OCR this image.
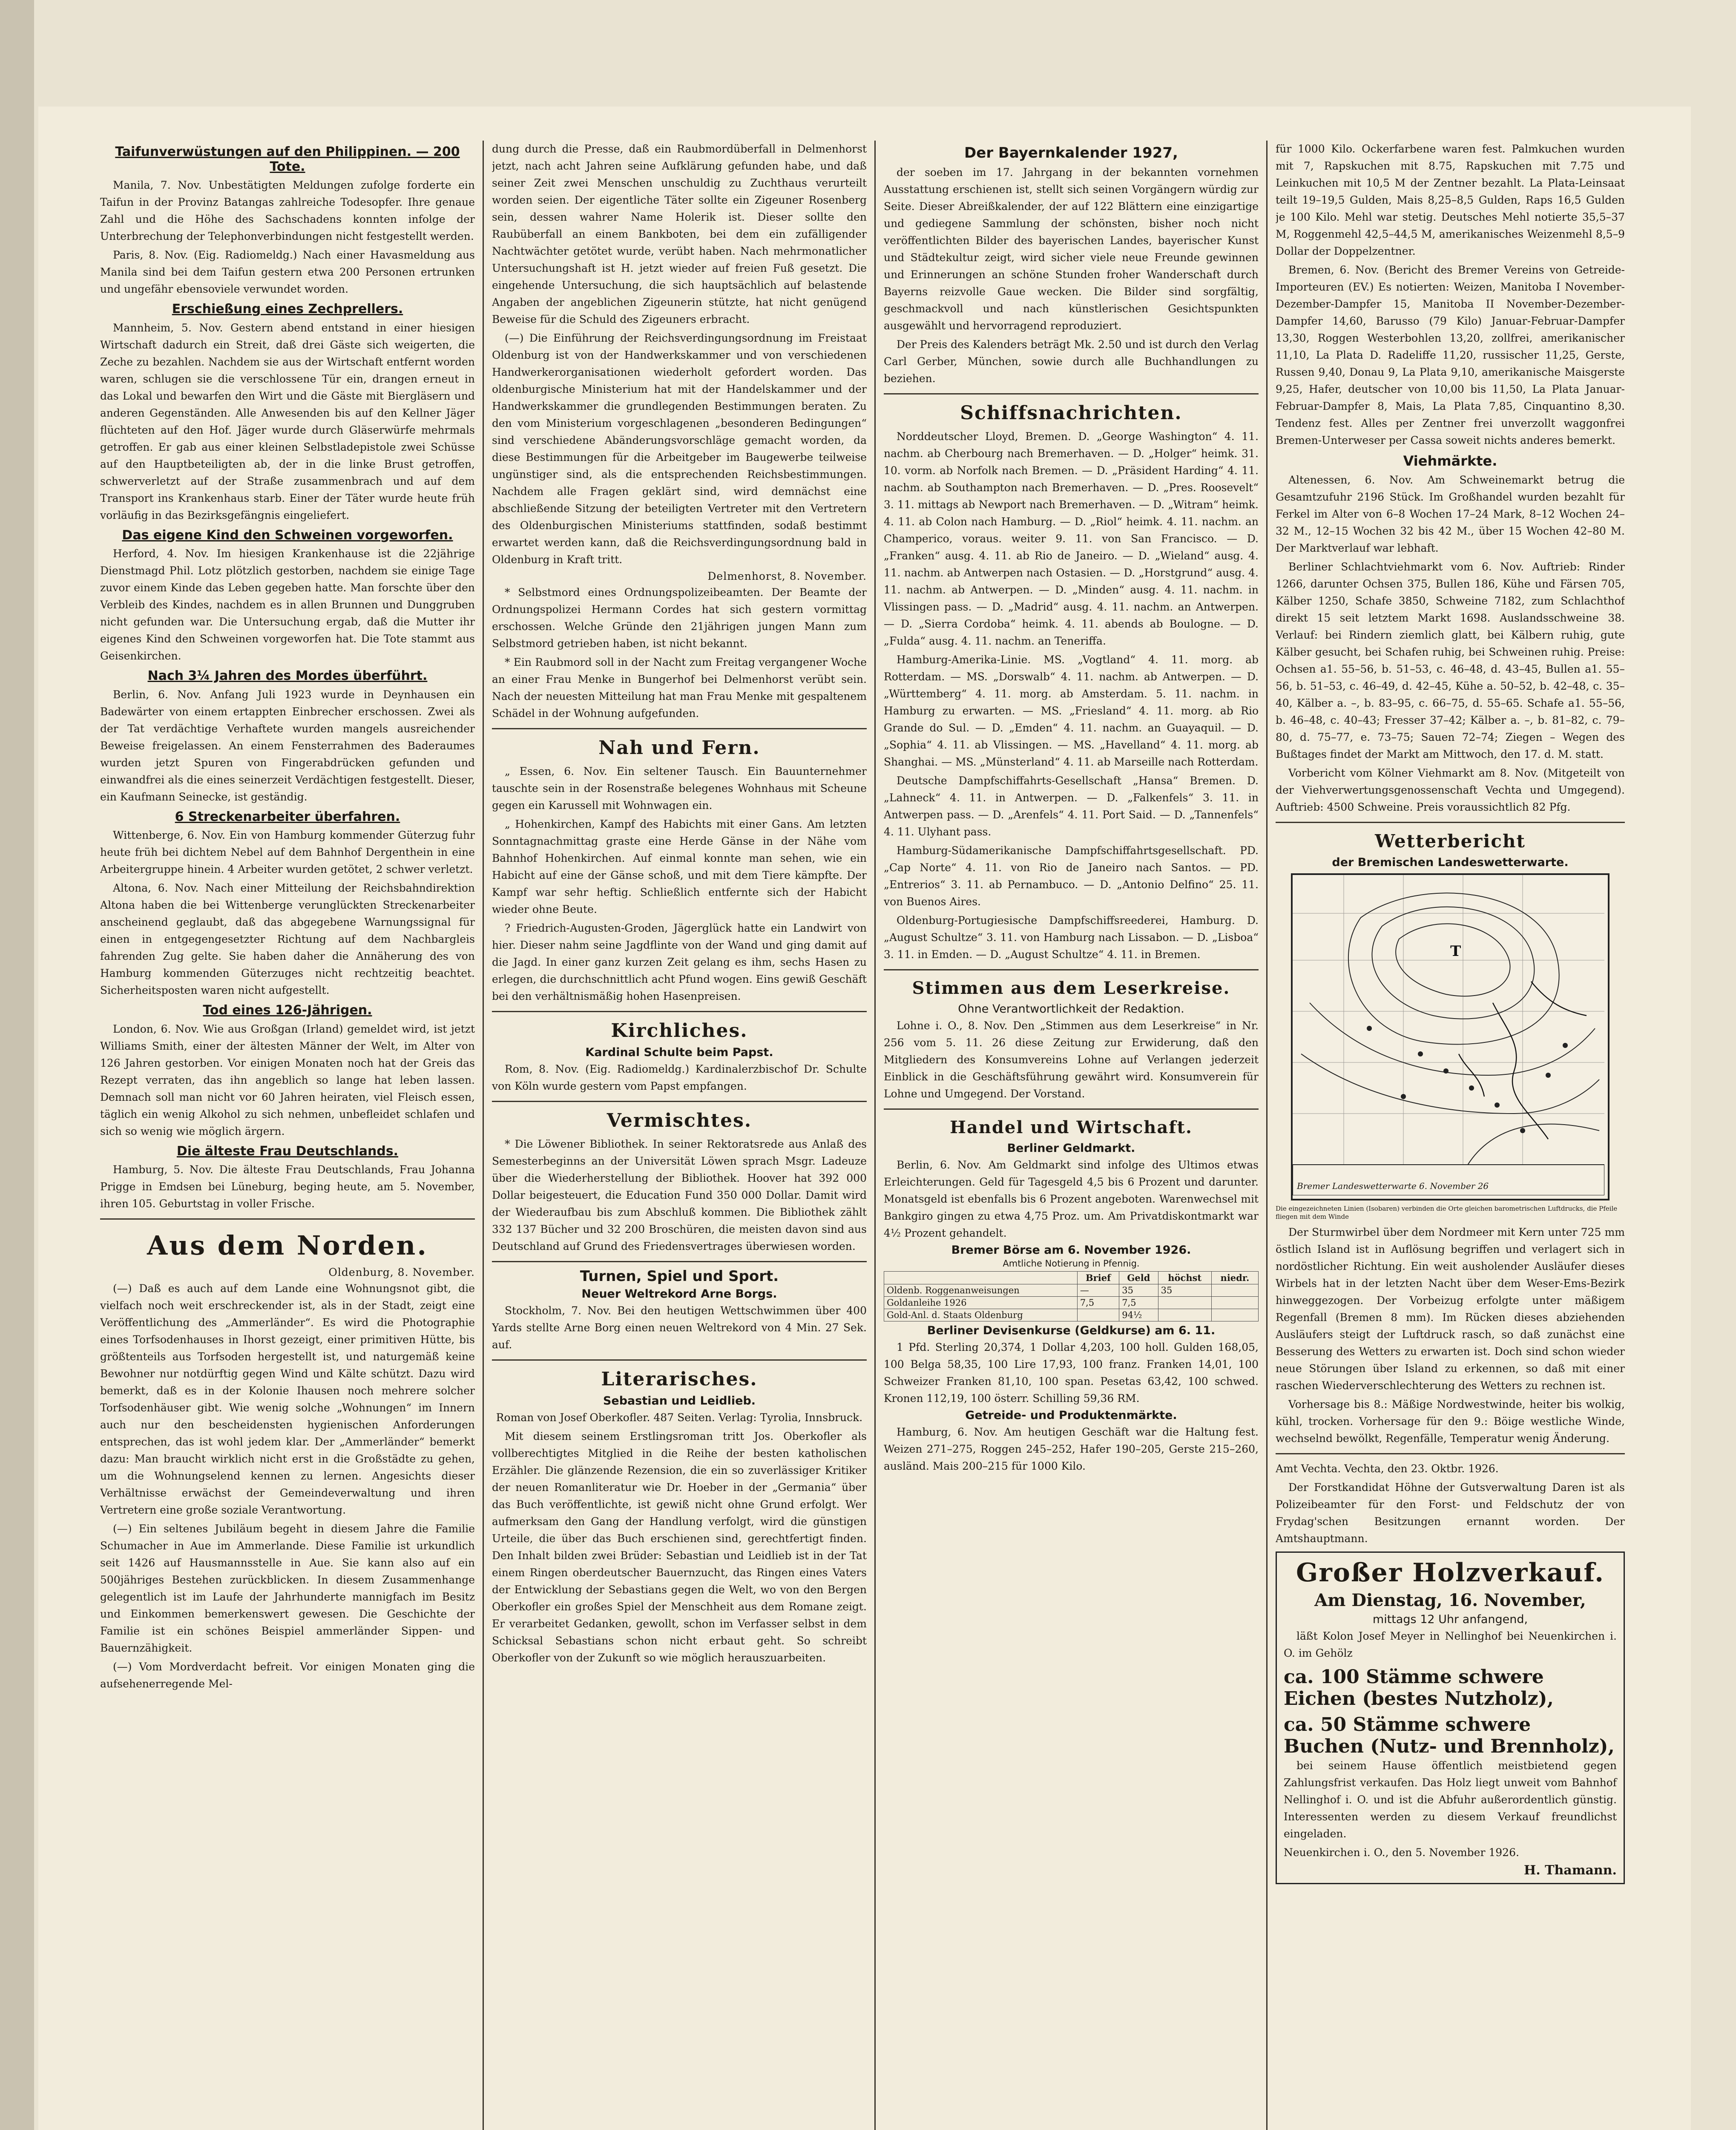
Taifunverwüstungen auf den Philippinen. — 200 Tote.

Manila, 7. Nov. Unbestätigten Meldungen zufolge forderte ein Taifun in der Provinz Batangas zahlreiche Todesopfer. Ihre genaue Zahl und die Höhe des Sachschadens konnten infolge der Unterbrechung der Telephonverbindungen nicht festgestellt werden.

Paris, 8. Nov. (Eig. Radiomeldg.) Nach einer Havasmeldung aus Manila sind bei dem Taifun gestern etwa 200 Personen ertrunken und ungefähr ebensoviele verwundet worden.

Erschießung eines Zechprellers.

Mannheim, 5. Nov. Gestern abend entstand in einer hiesigen Wirtschaft dadurch ein Streit, daß drei Gäste sich weigerten, die Zeche zu bezahlen. Nachdem sie aus der Wirtschaft entfernt worden waren, schlugen sie die verschlossene Tür ein, drangen erneut in das Lokal und bewarfen den Wirt und die Gäste mit Biergläsern und anderen Gegenständen. Alle Anwesenden bis auf den Kellner Jäger flüchteten auf den Hof. Jäger wurde durch Gläserwürfe mehrmals getroffen. Er gab aus einer kleinen Selbstladepistole zwei Schüsse auf den Hauptbeteiligten ab, der in die linke Brust getroffen, schwerverletzt auf der Straße zusammenbrach und auf dem Transport ins Krankenhaus starb. Einer der Täter wurde heute früh vorläufig in das Bezirksgefängnis eingeliefert.

Das eigene Kind den Schweinen vorgeworfen.

Herford, 4. Nov. Im hiesigen Krankenhause ist die 22jährige Dienstmagd Phil. Lotz plötzlich gestorben, nachdem sie einige Tage zuvor einem Kinde das Leben gegeben hatte. Man forschte über den Verbleib des Kindes, nachdem es in allen Brunnen und Dunggruben nicht gefunden war. Die Untersuchung ergab, daß die Mutter ihr eigenes Kind den Schweinen vorgeworfen hat. Die Tote stammt aus Geisenkirchen.

Nach 3¼ Jahren des Mordes überführt.

Berlin, 6. Nov. Anfang Juli 1923 wurde in Deynhausen ein Badewärter von einem ertappten Einbrecher erschossen. Zwei als der Tat verdächtige Verhaftete wurden mangels ausreichender Beweise freigelassen. An einem Fensterrahmen des Baderaumes wurden jetzt Spuren von Fingerabdrücken gefunden und einwandfrei als die eines seinerzeit Verdächtigen festgestellt. Dieser, ein Kaufmann Seinecke, ist geständig.

6 Streckenarbeiter überfahren.

Wittenberge, 6. Nov. Ein von Hamburg kommender Güterzug fuhr heute früh bei dichtem Nebel auf dem Bahnhof Dergenthein in eine Arbeitergruppe hinein. 4 Arbeiter wurden getötet, 2 schwer verletzt.

Altona, 6. Nov. Nach einer Mitteilung der Reichsbahndirektion Altona haben die bei Wittenberge verunglückten Streckenarbeiter anscheinend geglaubt, daß das abgegebene Warnungssignal für einen in entgegengesetzter Richtung auf dem Nachbargleis fahrenden Zug gelte. Sie haben daher die Annäherung des von Hamburg kommenden Güterzuges nicht rechtzeitig beachtet. Sicherheitsposten waren nicht aufgestellt.

Tod eines 126-Jährigen.

London, 6. Nov. Wie aus Großgan (Irland) gemeldet wird, ist jetzt Williams Smith, einer der ältesten Männer der Welt, im Alter von 126 Jahren gestorben. Vor einigen Monaten noch hat der Greis das Rezept verraten, das ihn angeblich so lange hat leben lassen. Demnach soll man nicht vor 60 Jahren heiraten, viel Fleisch essen, täglich ein wenig Alkohol zu sich nehmen, unbefleidet schlafen und sich so wenig wie möglich ärgern.

Die älteste Frau Deutschlands.

Hamburg, 5. Nov. Die älteste Frau Deutschlands, Frau Johanna Prigge in Emdsen bei Lüneburg, beging heute, am 5. November, ihren 105. Geburtstag in voller Frische.

Aus dem Norden.
Oldenburg, 8. November.

(—) Daß es auch auf dem Lande eine Wohnungsnot gibt, die vielfach noch weit erschreckender ist, als in der Stadt, zeigt eine Veröffentlichung des „Ammerländer“. Es wird die Photographie eines Torfsodenhauses in Ihorst gezeigt, einer primitiven Hütte, bis größtenteils aus Torfsoden hergestellt ist, und naturgemäß keine Bewohner nur notdürftig gegen Wind und Kälte schützt. Dazu wird bemerkt, daß es in der Kolonie Ihausen noch mehrere solcher Torfsodenhäuser gibt. Wie wenig solche „Wohnungen“ im Innern auch nur den bescheidensten hygienischen Anforderungen entsprechen, das ist wohl jedem klar. Der „Ammerländer“ bemerkt dazu: Man braucht wirklich nicht erst in die Großstädte zu gehen, um die Wohnungselend kennen zu lernen. Angesichts dieser Verhältnisse erwächst der Gemeindeverwaltung und ihren Vertretern eine große soziale Verantwortung.

(—) Ein seltenes Jubiläum begeht in diesem Jahre die Familie Schumacher in Aue im Ammerlande. Diese Familie ist urkundlich seit 1426 auf Hausmannsstelle in Aue. Sie kann also auf ein 500jähriges Bestehen zurückblicken. In diesem Zusammenhange gelegentlich ist im Laufe der Jahrhunderte mannigfach im Besitz und Einkommen bemerkenswert gewesen. Die Geschichte der Familie ist ein schönes Beispiel ammerländer Sippen- und Bauernzähigkeit.

(—) Vom Mordverdacht befreit. Vor einigen Monaten ging die aufsehenerregende Mel-

dung durch die Presse, daß ein Raubmordüberfall in Delmenhorst jetzt, nach acht Jahren seine Aufklärung gefunden habe, und daß seiner Zeit zwei Menschen unschuldig zu Zuchthaus verurteilt worden seien. Der eigentliche Täter sollte ein Zigeuner Rosenberg sein, dessen wahrer Name Holerik ist. Dieser sollte den Raubüberfall an einem Bankboten, bei dem ein zufälligender Nachtwächter getötet wurde, verübt haben. Nach mehrmonatlicher Untersuchungshaft ist H. jetzt wieder auf freien Fuß gesetzt. Die eingehende Untersuchung, die sich hauptsächlich auf belastende Angaben der angeblichen Zigeunerin stützte, hat nicht genügend Beweise für die Schuld des Zigeuners erbracht.

(—) Die Einführung der Reichsverdingungsordnung im Freistaat Oldenburg ist von der Handwerkskammer und von verschiedenen Handwerkerorganisationen wiederholt gefordert worden. Das oldenburgische Ministerium hat mit der Handelskammer und der Handwerkskammer die grundlegenden Bestimmungen beraten. Zu den vom Ministerium vorgeschlagenen „besonderen Bedingungen“ sind verschiedene Abänderungsvorschläge gemacht worden, da diese Bestimmungen für die Arbeitgeber im Baugewerbe teilweise ungünstiger sind, als die entsprechenden Reichsbestimmungen. Nachdem alle Fragen geklärt sind, wird demnächst eine abschließende Sitzung der beteiligten Vertreter mit den Vertretern des Oldenburgischen Ministeriums stattfinden, sodaß bestimmt erwartet werden kann, daß die Reichsverdingungsordnung bald in Oldenburg in Kraft tritt.

Delmenhorst, 8. November.

* Selbstmord eines Ordnungspolizeibeamten. Der Beamte der Ordnungspolizei Hermann Cordes hat sich gestern vormittag erschossen. Welche Gründe den 21jährigen jungen Mann zum Selbstmord getrieben haben, ist nicht bekannt.

* Ein Raubmord soll in der Nacht zum Freitag vergangener Woche an einer Frau Menke in Bungerhof bei Delmenhorst verübt sein. Nach der neuesten Mitteilung hat man Frau Menke mit gespaltenem Schädel in der Wohnung aufgefunden.

Nah und Fern.

„ Essen, 6. Nov. Ein seltener Tausch. Ein Bauunternehmer tauschte sein in der Rosenstraße belegenes Wohnhaus mit Scheune gegen ein Karussell mit Wohnwagen ein.

„ Hohenkirchen, Kampf des Habichts mit einer Gans. Am letzten Sonntagnachmittag graste eine Herde Gänse in der Nähe vom Bahnhof Hohenkirchen. Auf einmal konnte man sehen, wie ein Habicht auf eine der Gänse schoß, und mit dem Tiere kämpfte. Der Kampf war sehr heftig. Schließlich entfernte sich der Habicht wieder ohne Beute.

? Friedrich-Augusten-Groden, Jägerglück hatte ein Landwirt von hier. Dieser nahm seine Jagdflinte von der Wand und ging damit auf die Jagd. In einer ganz kurzen Zeit gelang es ihm, sechs Hasen zu erlegen, die durchschnittlich acht Pfund wogen. Eins gewiß Geschäft bei den verhältnismäßig hohen Hasenpreisen.

Kirchliches.
Kardinal Schulte beim Papst.

Rom, 8. Nov. (Eig. Radiomeldg.) Kardinalerzbischof Dr. Schulte von Köln wurde gestern vom Papst empfangen.

Vermischtes.

* Die Löwener Bibliothek. In seiner Rektoratsrede aus Anlaß des Semesterbeginns an der Universität Löwen sprach Msgr. Ladeuze über die Wiederherstellung der Bibliothek. Hoover hat 392 000 Dollar beigesteuert, die Education Fund 350 000 Dollar. Damit wird der Wiederaufbau bis zum Abschluß kommen. Die Bibliothek zählt 332 137 Bücher und 32 200 Broschüren, die meisten davon sind aus Deutschland auf Grund des Friedensvertrages überwiesen worden.

Turnen, Spiel und Sport.
Neuer Weltrekord Arne Borgs.

Stockholm, 7. Nov. Bei den heutigen Wettschwimmen über 400 Yards stellte Arne Borg einen neuen Weltrekord von 4 Min. 27 Sek. auf.

Literarisches.
Sebastian und Leidlieb.

Roman von Josef Oberkofler. 487 Seiten. Verlag: Tyrolia, Innsbruck.

Mit diesem seinem Erstlingsroman tritt Jos. Oberkofler als vollberechtigtes Mitglied in die Reihe der besten katholischen Erzähler. Die glänzende Rezension, die ein so zuverlässiger Kritiker der neuen Romanliteratur wie Dr. Hoeber in der „Germania“ über das Buch veröffentlichte, ist gewiß nicht ohne Grund erfolgt. Wer aufmerksam den Gang der Handlung verfolgt, wird die günstigen Urteile, die über das Buch erschienen sind, gerechtfertigt finden. Den Inhalt bilden zwei Brüder: Sebastian und Leidlieb ist in der Tat einem Ringen oberdeutscher Bauernzucht, das Ringen eines Vaters der Entwicklung der Sebastians gegen die Welt, wo von den Bergen Oberkofler ein großes Spiel der Menschheit aus dem Romane zeigt. Er verarbeitet Gedanken, gewollt, schon im Verfasser selbst in dem Schicksal Sebastians schon nicht erbaut geht. So schreibt Oberkofler von der Zukunft so wie möglich herauszuarbeiten.

Der Bayernkalender 1927,

der soeben im 17. Jahrgang in der bekannten vornehmen Ausstattung erschienen ist, stellt sich seinen Vorgängern würdig zur Seite. Dieser Abreißkalender, der auf 122 Blättern eine einzigartige und gediegene Sammlung der schönsten, bisher noch nicht veröffentlichten Bilder des bayerischen Landes, bayerischer Kunst und Städtekultur zeigt, wird sicher viele neue Freunde gewinnen und Erinnerungen an schöne Stunden froher Wanderschaft durch Bayerns reizvolle Gaue wecken. Die Bilder sind sorgfältig, geschmackvoll und nach künstlerischen Gesichtspunkten ausgewählt und hervorragend reproduziert.

Der Preis des Kalenders beträgt Mk. 2.50 und ist durch den Verlag Carl Gerber, München, sowie durch alle Buchhandlungen zu beziehen.

Schiffsnachrichten.

Norddeutscher Lloyd, Bremen. D. „George Washington“ 4. 11. nachm. ab Cherbourg nach Bremerhaven. — D. „Holger“ heimk. 31. 10. vorm. ab Norfolk nach Bremen. — D. „Präsident Harding“ 4. 11. nachm. ab Southampton nach Bremerhaven. — D. „Pres. Roosevelt“ 3. 11. mittags ab Newport nach Bremerhaven. — D. „Witram“ heimk. 4. 11. ab Colon nach Hamburg. — D. „Riol“ heimk. 4. 11. nachm. an Champerico, voraus. weiter 9. 11. von San Francisco. — D. „Franken“ ausg. 4. 11. ab Rio de Janeiro. — D. „Wieland“ ausg. 4. 11. nachm. ab Antwerpen nach Ostasien. — D. „Horstgrund“ ausg. 4. 11. nachm. ab Antwerpen. — D. „Minden“ ausg. 4. 11. nachm. in Vlissingen pass. — D. „Madrid“ ausg. 4. 11. nachm. an Antwerpen. — D. „Sierra Cordoba“ heimk. 4. 11. abends ab Boulogne. — D. „Fulda“ ausg. 4. 11. nachm. an Teneriffa.

Hamburg-Amerika-Linie. MS. „Vogtland“ 4. 11. morg. ab Rotterdam. — MS. „Dorswalb“ 4. 11. nachm. ab Antwerpen. — D. „Württemberg“ 4. 11. morg. ab Amsterdam. 5. 11. nachm. in Hamburg zu erwarten. — MS. „Friesland“ 4. 11. morg. ab Rio Grande do Sul. — D. „Emden“ 4. 11. nachm. an Guayaquil. — D. „Sophia“ 4. 11. ab Vlissingen. — MS. „Havelland“ 4. 11. morg. ab Shanghai. — MS. „Münsterland“ 4. 11. ab Marseille nach Rotterdam.

Deutsche Dampfschiffahrts-Gesellschaft „Hansa“ Bremen. D. „Lahneck“ 4. 11. in Antwerpen. — D. „Falkenfels“ 3. 11. in Antwerpen pass. — D. „Arenfels“ 4. 11. Port Said. — D. „Tannenfels“ 4. 11. Ulyhant pass.

Hamburg-Südamerikanische Dampfschiffahrtsgesellschaft. PD. „Cap Norte“ 4. 11. von Rio de Janeiro nach Santos. — PD. „Entrerios“ 3. 11. ab Pernambuco. — D. „Antonio Delfino“ 25. 11. von Buenos Aires.

Oldenburg-Portugiesische Dampfschiffsreederei, Hamburg. D. „August Schultze“ 3. 11. von Hamburg nach Lissabon. — D. „Lisboa“ 3. 11. in Emden. — D. „August Schultze“ 4. 11. in Bremen.

Stimmen aus dem Leserkreise.
Ohne Verantwortlichkeit der Redaktion.

Lohne i. O., 8. Nov. Den „Stimmen aus dem Leserkreise“ in Nr. 256 vom 5. 11. 26 diese Zeitung zur Erwiderung, daß den Mitgliedern des Konsumvereins Lohne auf Verlangen jederzeit Einblick in die Geschäftsführung gewährt wird. Konsumverein für Lohne und Umgegend. Der Vorstand.

Handel und Wirtschaft.
Berliner Geldmarkt.

Berlin, 6. Nov. Am Geldmarkt sind infolge des Ultimos etwas Erleichterungen. Geld für Tagesgeld 4,5 bis 6 Prozent und darunter. Monatsgeld ist ebenfalls bis 6 Prozent angeboten. Warenwechsel mit Bankgiro gingen zu etwa 4,75 Proz. um. Am Privatdiskontmarkt war 4½ Prozent gehandelt.

Bremer Börse am 6. November 1926.
Amtliche Notierung in Pfennig.
	Brief	Geld	höchst	niedr.
Oldenb. Roggenanweisungen	—	35	35	
Goldanleihe 1926	7,5	7,5		
Gold-Anl. d. Staats Oldenburg		94½		
Berliner Devisenkurse (Geldkurse) am 6. 11.

1 Pfd. Sterling 20,374, 1 Dollar 4,203, 100 holl. Gulden 168,05, 100 Belga 58,35, 100 Lire 17,93, 100 franz. Franken 14,01, 100 Schweizer Franken 81,10, 100 span. Pesetas 63,42, 100 schwed. Kronen 112,19, 100 österr. Schilling 59,36 RM.

Getreide- und Produktenmärkte.

Hamburg, 6. Nov. Am heutigen Geschäft war die Haltung fest. Weizen 271–275, Roggen 245–252, Hafer 190–205, Gerste 215–260, ausländ. Mais 200–215 für 1000 Kilo.

für 1000 Kilo. Ockerfarbene waren fest. Palmkuchen wurden mit 7, Rapskuchen mit 8.75, Rapskuchen mit 7.75 und Leinkuchen mit 10,5 M der Zentner bezahlt. La Plata-Leinsaat teilt 19–19,5 Gulden, Mais 8,25–8,5 Gulden, Raps 16,5 Gulden je 100 Kilo. Mehl war stetig. Deutsches Mehl notierte 35,5–37 M, Roggenmehl 42,5–44,5 M, amerikanisches Weizenmehl 8,5–9 Dollar der Doppelzentner.

Bremen, 6. Nov. (Bericht des Bremer Vereins von Getreide-Importeuren (EV.) Es notierten: Weizen, Manitoba I November-Dezember-Dampfer 15, Manitoba II November-Dezember-Dampfer 14,60, Barusso (79 Kilo) Januar-Februar-Dampfer 13,30, Roggen Westerbohlen 13,20, zollfrei, amerikanischer 11,10, La Plata D. Radeliffe 11,20, russischer 11,25, Gerste, Russen 9,40, Donau 9, La Plata 9,10, amerikanische Maisgerste 9,25, Hafer, deutscher von 10,00 bis 11,50, La Plata Januar-Februar-Dampfer 8, Mais, La Plata 7,85, Cinquantino 8,30. Tendenz fest. Alles per Zentner frei unverzollt waggonfrei Bremen-Unterweser per Cassa soweit nichts anderes bemerkt.

Viehmärkte.

Altenessen, 6. Nov. Am Schweinemarkt betrug die Gesamtzufuhr 2196 Stück. Im Großhandel wurden bezahlt für Ferkel im Alter von 6–8 Wochen 17–24 Mark, 8–12 Wochen 24–32 M., 12–15 Wochen 32 bis 42 M., über 15 Wochen 42–80 M. Der Marktverlauf war lebhaft.

Berliner Schlachtviehmarkt vom 6. Nov. Auftrieb: Rinder 1266, darunter Ochsen 375, Bullen 186, Kühe und Färsen 705, Kälber 1250, Schafe 3850, Schweine 7182, zum Schlachthof direkt 15 seit letztem Markt 1698. Auslandsschweine 38. Verlauf: bei Rindern ziemlich glatt, bei Kälbern ruhig, gute Kälber gesucht, bei Schafen ruhig, bei Schweinen ruhig. Preise: Ochsen a1. 55–56, b. 51–53, c. 46–48, d. 43–45, Bullen a1. 55–56, b. 51–53, c. 46–49, d. 42–45, Kühe a. 50–52, b. 42–48, c. 35–40, Kälber a. –, b. 83–95, c. 66–75, d. 55–65. Schafe a1. 55–56, b. 46–48, c. 40–43; Fresser 37–42; Kälber a. –, b. 81–82, c. 79–80, d. 75–77, e. 73–75; Sauen 72–74; Ziegen – Wegen des Bußtages findet der Markt am Mittwoch, den 17. d. M. statt.

Vorbericht vom Kölner Viehmarkt am 8. Nov. (Mitgeteilt von der Viehverwertungsgenossenschaft Vechta und Umgegend). Auftrieb: 4500 Schweine. Preis voraussichtlich 82 Pfg.

Wetterbericht
der Bremischen Landeswetterwarte.
T
Bremer Landeswetterwarte 6. November 26
Die eingezeichneten Linien (Isobaren) verbinden die Orte gleichen barometrischen Luftdrucks, die Pfeile fliegen mit dem Winde

Der Sturmwirbel über dem Nordmeer mit Kern unter 725 mm östlich Island ist in Auflösung begriffen und verlagert sich in nordöstlicher Richtung. Ein weit ausholender Ausläufer dieses Wirbels hat in der letzten Nacht über dem Weser-Ems-Bezirk hinweggezogen. Der Vorbeizug erfolgte unter mäßigem Regenfall (Bremen 8 mm). Im Rücken dieses abziehenden Ausläufers steigt der Luftdruck rasch, so daß zunächst eine Besserung des Wetters zu erwarten ist. Doch sind schon wieder neue Störungen über Island zu erkennen, so daß mit einer raschen Wiederverschlechterung des Wetters zu rechnen ist.

Vorhersage bis 8.: Mäßige Nordwestwinde, heiter bis wolkig, kühl, trocken. Vorhersage für den 9.: Böige westliche Winde, wechselnd bewölkt, Regenfälle, Temperatur wenig Änderung.

Amt Vechta. Vechta, den 23. Oktbr. 1926.

Der Forstkandidat Höhne der Gutsverwaltung Daren ist als Polizeibeamter für den Forst- und Feldschutz der von Frydag'schen Besitzungen ernannt worden. Der Amtshauptmann.

Großer Holzverkauf.
Am Dienstag, 16. November,
mittags 12 Uhr anfangend,

läßt Kolon Josef Meyer in Nellinghof bei Neuenkirchen i. O. im Gehölz

ca. 100 Stämme schwere Eichen (bestes Nutzholz),
ca. 50 Stämme schwere Buchen (Nutz- und Brennholz),

bei seinem Hause öffentlich meistbietend gegen Zahlungsfrist verkaufen. Das Holz liegt unweit vom Bahnhof Nellinghof i. O. und ist die Abfuhr außerordentlich günstig. Interessenten werden zu diesem Verkauf freundlichst eingeladen.

Neuenkirchen i. O., den 5. November 1926.

H. Thamann.
